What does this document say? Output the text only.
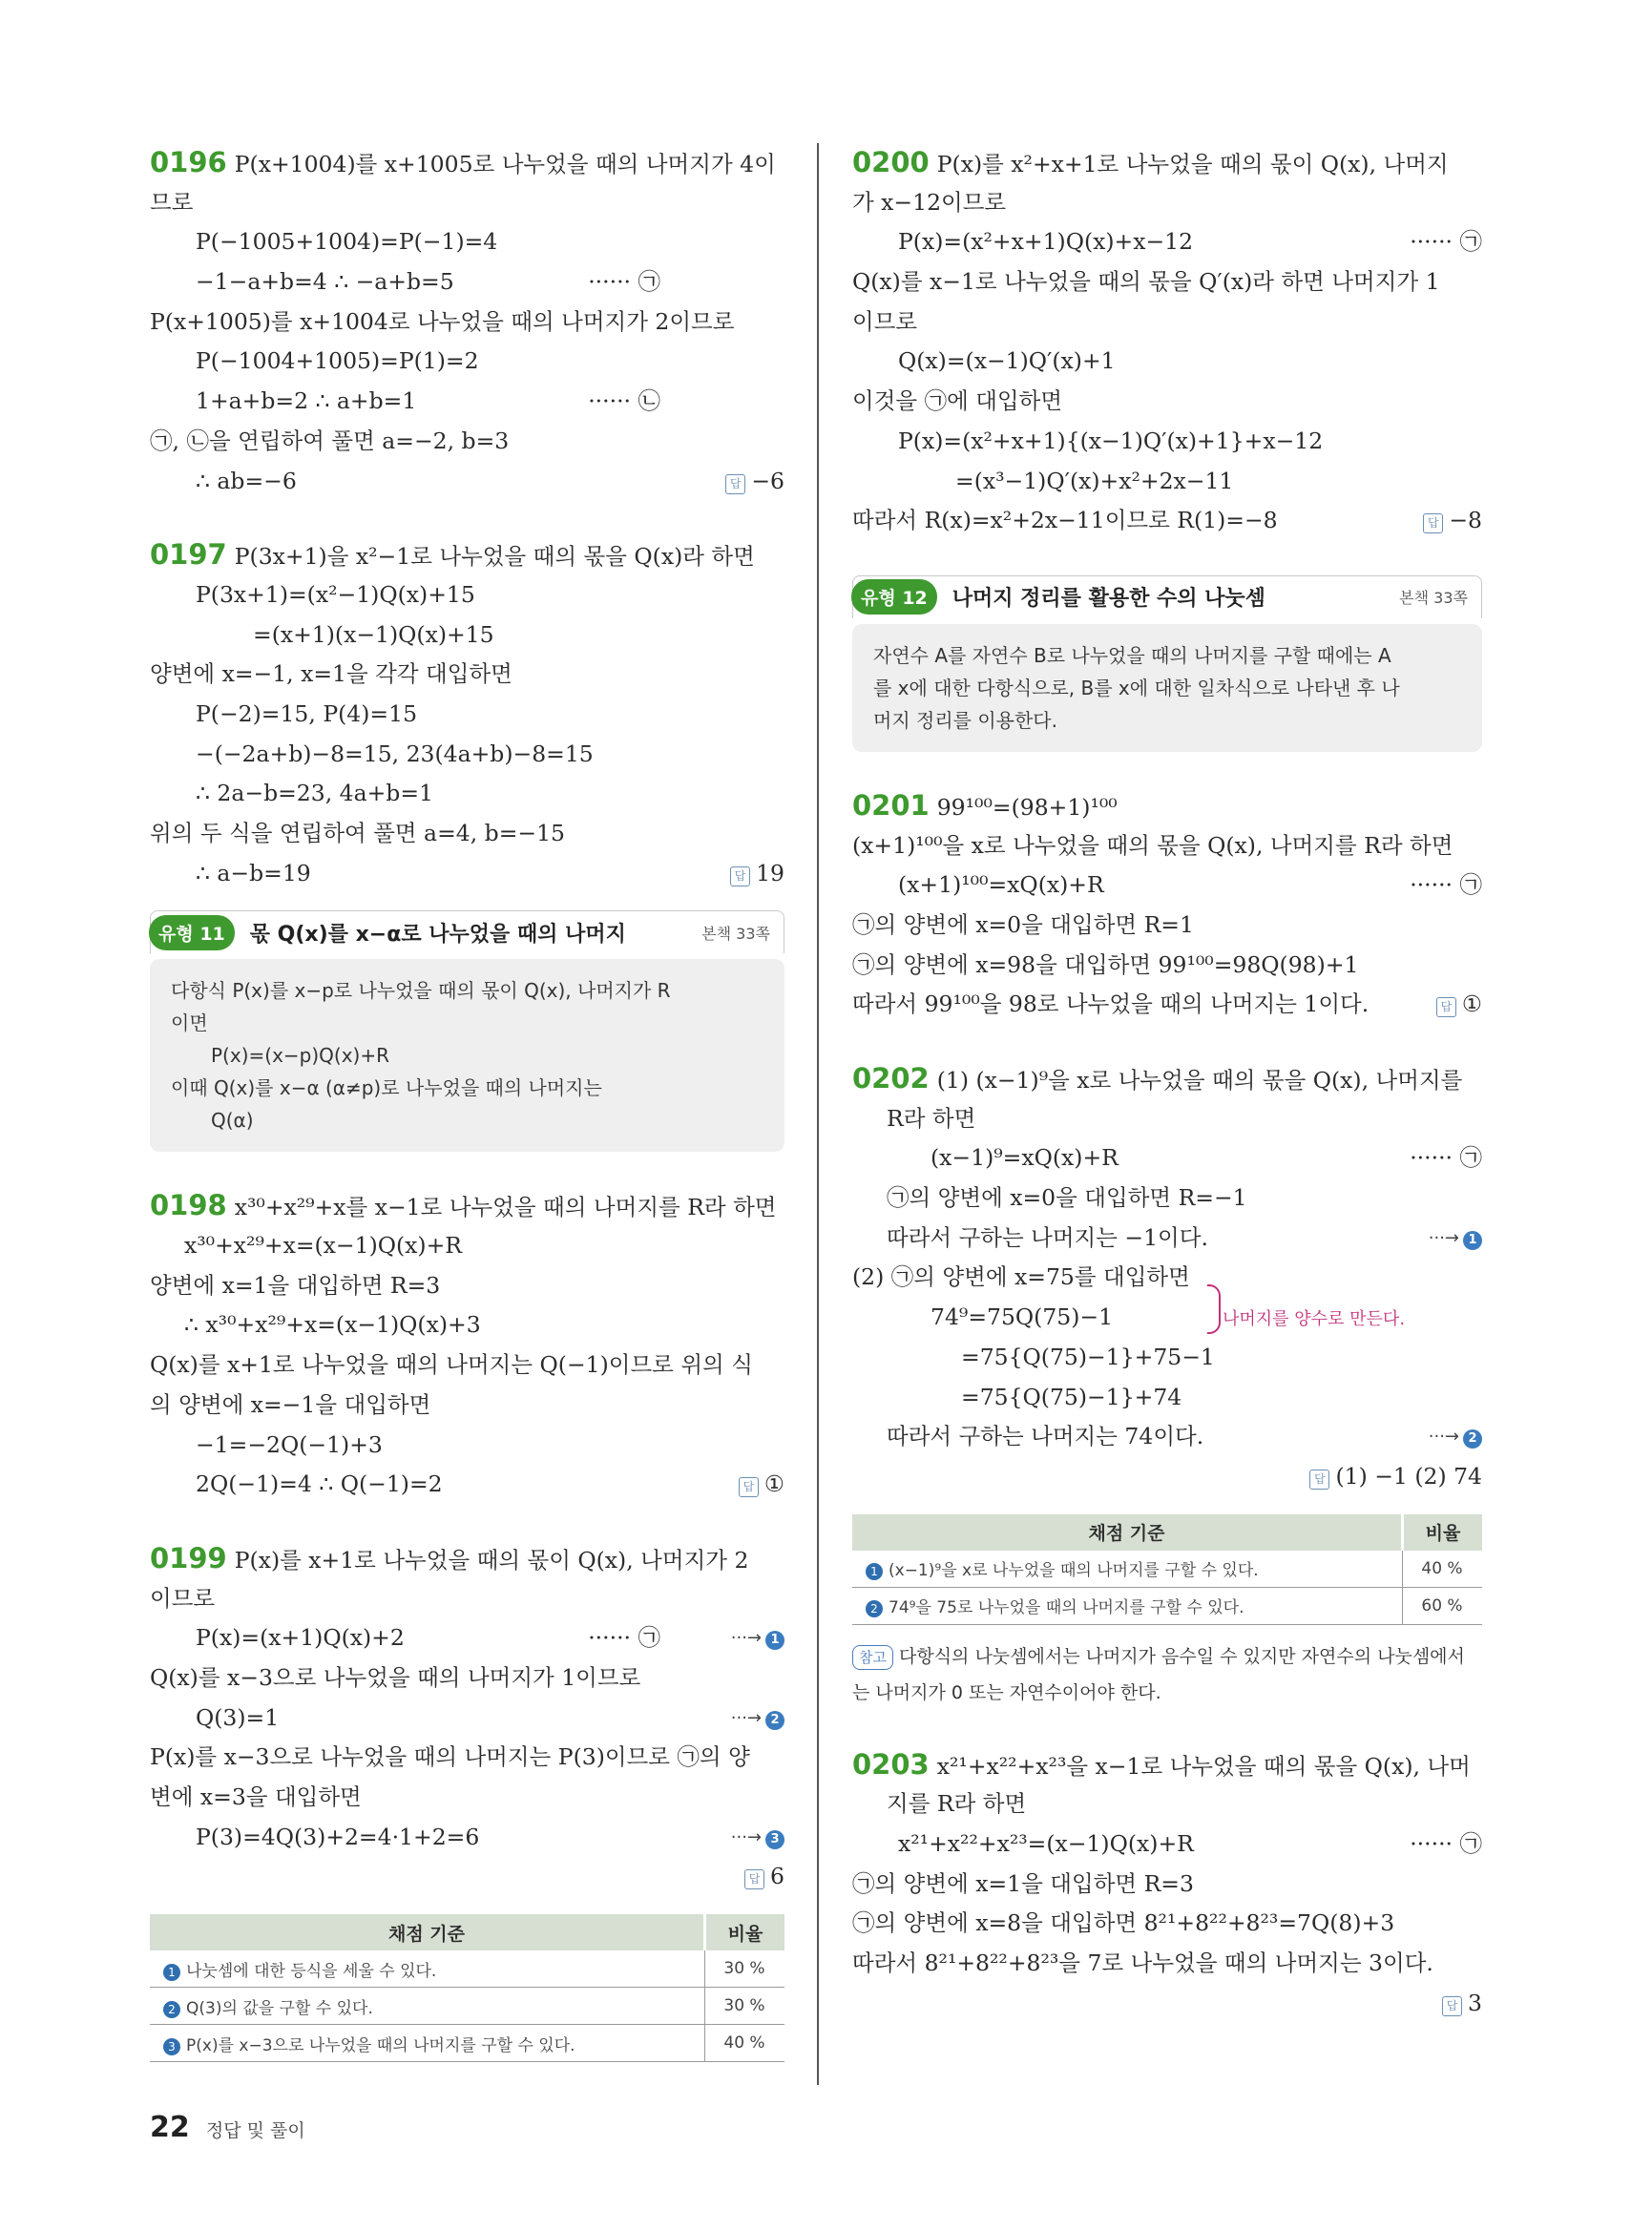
0196 P(x+1004)를 x+1005로 나누었을 때의 나머지가 4이
므로
P(−1005+1004)=P(−1)=4
−1−a+b=4 ∴ −a+b=5	······ ㉠
P(x+1005)를 x+1004로 나누었을 때의 나머지가 2이므로
P(−1004+1005)=P(1)=2
1+a+b=2 ∴ a+b=1	······ ㉡
㉠, ㉡을 연립하여 풀면 a=−2, b=3
∴ ab=−6	답 −6
0197 P(3x+1)을 x²−1로 나누었을 때의 몫을 Q(x)라 하면
P(3x+1)=(x²−1)Q(x)+15
=(x+1)(x−1)Q(x)+15
양변에 x=−1, x=1을 각각 대입하면
P(−2)=15, P(4)=15
−(−2a+b)−8=15, 23(4a+b)−8=15
∴ 2a−b=23, 4a+b=1
위의 두 식을 연립하여 풀면 a=4, b=−15
∴ a−b=19	답 19
유형 11	몫 Q(x)를 x−α로 나누었을 때의 나머지	본책 33쪽
다항식 P(x)를 x−p로 나누었을 때의 몫이 Q(x), 나머지가 R
이면
P(x)=(x−p)Q(x)+R
이때 Q(x)를 x−α (α≠p)로 나누었을 때의 나머지는
Q(α)
0198 x³⁰+x²⁹+x를 x−1로 나누었을 때의 나머지를 R라 하면
x³⁰+x²⁹+x=(x−1)Q(x)+R
양변에 x=1을 대입하면 R=3
∴ x³⁰+x²⁹+x=(x−1)Q(x)+3
Q(x)를 x+1로 나누었을 때의 나머지는 Q(−1)이므로 위의 식
의 양변에 x=−1을 대입하면
−1=−2Q(−1)+3
2Q(−1)=4 ∴ Q(−1)=2	답 ①
0199 P(x)를 x+1로 나누었을 때의 몫이 Q(x), 나머지가 2
이므로
P(x)=(x+1)Q(x)+2	······ ㉠	···→ 1
Q(x)를 x−3으로 나누었을 때의 나머지가 1이므로
Q(3)=1	···→ 2
P(x)를 x−3으로 나누었을 때의 나머지는 P(3)이므로 ㉠의 양
변에 x=3을 대입하면
P(3)=4Q(3)+2=4·1+2=6	···→ 3
답 6
채점 기준	비율
1 나눗셈에 대한 등식을 세울 수 있다.	30 %
2 Q(3)의 값을 구할 수 있다.	30 %
3 P(x)를 x−3으로 나누었을 때의 나머지를 구할 수 있다.	40 %
0200 P(x)를 x²+x+1로 나누었을 때의 몫이 Q(x), 나머지
가 x−12이므로
P(x)=(x²+x+1)Q(x)+x−12	······ ㉠
Q(x)를 x−1로 나누었을 때의 몫을 Q′(x)라 하면 나머지가 1
이므로
Q(x)=(x−1)Q′(x)+1
이것을 ㉠에 대입하면
P(x)=(x²+x+1){(x−1)Q′(x)+1}+x−12
=(x³−1)Q′(x)+x²+2x−11
따라서 R(x)=x²+2x−11이므로 R(1)=−8	답 −8
유형 12	나머지 정리를 활용한 수의 나눗셈	본책 33쪽
자연수 A를 자연수 B로 나누었을 때의 나머지를 구할 때에는 A
를 x에 대한 다항식으로, B를 x에 대한 일차식으로 나타낸 후 나
머지 정리를 이용한다.
0201 99¹⁰⁰=(98+1)¹⁰⁰
(x+1)¹⁰⁰을 x로 나누었을 때의 몫을 Q(x), 나머지를 R라 하면
(x+1)¹⁰⁰=xQ(x)+R	······ ㉠
㉠의 양변에 x=0을 대입하면 R=1
㉠의 양변에 x=98을 대입하면 99¹⁰⁰=98Q(98)+1
따라서 99¹⁰⁰을 98로 나누었을 때의 나머지는 1이다.	답 ①
0202 (1) (x−1)⁹을 x로 나누었을 때의 몫을 Q(x), 나머지를
R라 하면
(x−1)⁹=xQ(x)+R	······ ㉠
㉠의 양변에 x=0을 대입하면 R=−1
따라서 구하는 나머지는 −1이다.	···→ 1
(2) ㉠의 양변에 x=75를 대입하면
74⁹=75Q(75)−1	나머지를 양수로 만든다.
=75{Q(75)−1}+75−1
=75{Q(75)−1}+74
따라서 구하는 나머지는 74이다.	···→ 2
답 (1) −1 (2) 74
채점 기준	비율
1 (x−1)⁹을 x로 나누었을 때의 나머지를 구할 수 있다.	40 %
2 74⁹을 75로 나누었을 때의 나머지를 구할 수 있다.	60 %
참고 다항식의 나눗셈에서는 나머지가 음수일 수 있지만 자연수의 나눗셈에서
는 나머지가 0 또는 자연수이어야 한다.
0203 x²¹+x²²+x²³을 x−1로 나누었을 때의 몫을 Q(x), 나머
지를 R라 하면
x²¹+x²²+x²³=(x−1)Q(x)+R	······ ㉠
㉠의 양변에 x=1을 대입하면 R=3
㉠의 양변에 x=8을 대입하면 8²¹+8²²+8²³=7Q(8)+3
따라서 8²¹+8²²+8²³을 7로 나누었을 때의 나머지는 3이다.
답 3
22 정답 및 풀이
